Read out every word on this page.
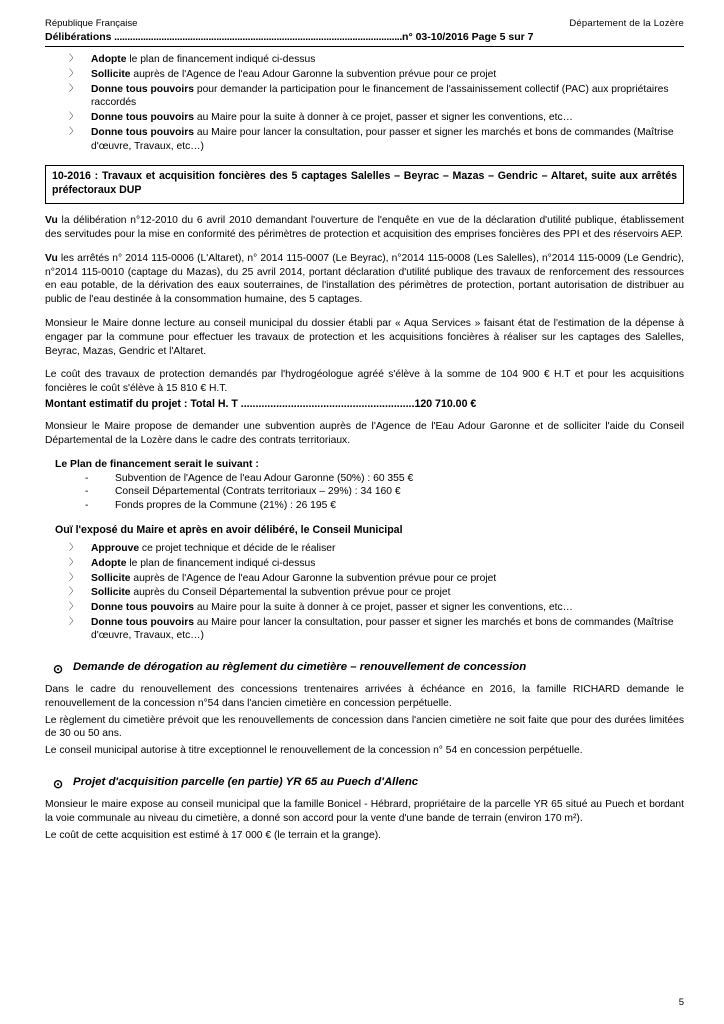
République Française	Département de la Lozère
Délibérations ..............................................................................................................n° 03-10/2016 Page 5 sur 7
〉 Adopte le plan de financement indiqué ci-dessus
〉 Sollicite auprès de l'Agence de l'eau Adour Garonne la subvention prévue pour ce projet
〉 Donne tous pouvoirs pour demander la participation pour le financement de l'assainissement collectif (PAC) aux propriétaires raccordés
〉 Donne tous pouvoirs au Maire pour la suite à donner à ce projet, passer et signer les conventions, etc…
〉 Donne tous pouvoirs au Maire pour lancer la consultation, pour passer et signer les marchés et bons de commandes (Maîtrise d'œuvre, Travaux, etc…)
10-2016 : Travaux et acquisition foncières des 5 captages Salelles – Beyrac – Mazas – Gendric – Altaret, suite aux arrêtés préfectoraux DUP

Vu la délibération n°12-2010 du 6 avril 2010 demandant l'ouverture de l'enquête en vue de la déclaration d'utilité publique, établissement des servitudes pour la mise en conformité des périmètres de protection et acquisition des emprises foncières des PPI et des réservoirs AEP.

Vu les arrêtés n° 2014 115-0006 (L'Altaret), n° 2014 115-0007 (Le Beyrac), n°2014 115-0008 (Les Salelles), n°2014 115-0009 (Le Gendric), n°2014 115-0010 (captage du Mazas), du 25 avril 2014, portant déclaration d'utilité publique des travaux de renforcement des ressources en eau potable, de la dérivation des eaux souterraines, de l'installation des périmètres de protection, portant autorisation de distribuer au public de l'eau destinée à la consommation humaine, des 5 captages.

Monsieur le Maire donne lecture au conseil municipal du dossier établi par « Aqua Services » faisant état de l'estimation de la dépense à engager par la commune pour effectuer les travaux de protection et les acquisitions foncières à réaliser sur les captages des Salelles, Beyrac, Mazas, Gendric et l'Altaret.

Le coût des travaux de protection demandés par l'hydrogéologue agréé s'élève à la somme de 104 900 € H.T et pour les acquisitions foncières le coût s'élève à 15 810 € H.T.

Montant estimatif du projet : Total H. T ...........................................................120 710.00 €

Monsieur le Maire propose de demander une subvention auprès de l'Agence de l'Eau Adour Garonne et de solliciter l'aide du Conseil Départemental de la Lozère dans le cadre des contrats territoriaux.

Le Plan de financement serait le suivant :
- Subvention de l'Agence de l'eau Adour Garonne (50%) : 60 355 €
- Conseil Départemental (Contrats territoriaux – 29%) : 34 160 €
- Fonds propres de la Commune (21%) : 26 195 €
Ouï l'exposé du Maire et après en avoir délibéré, le Conseil Municipal
〉 Approuve ce projet technique et décide de le réaliser
〉 Adopte le plan de financement indiqué ci-dessus
〉 Sollicite auprès de l'Agence de l'eau Adour Garonne la subvention prévue pour ce projet
〉 Sollicite auprès du Conseil Départemental la subvention prévue pour ce projet
〉 Donne tous pouvoirs au Maire pour la suite à donner à ce projet, passer et signer les conventions, etc…
〉 Donne tous pouvoirs au Maire pour lancer la consultation, pour passer et signer les marchés et bons de commandes (Maîtrise d'œuvre, Travaux, etc…)
⊙ Demande de dérogation au règlement du cimetière – renouvellement de concession

Dans le cadre du renouvellement des concessions trentenaires arrivées à échéance en 2016, la famille RICHARD demande le renouvellement de la concession n°54 dans l'ancien cimetière en concession perpétuelle.

Le règlement du cimetière prévoit que les renouvellements de concession dans l'ancien cimetière ne soit faite que pour des durées limitées de 30 ou 50 ans.

Le conseil municipal autorise à titre exceptionnel le renouvellement de la concession n° 54 en concession perpétuelle.

⊙ Projet d'acquisition parcelle (en partie) YR 65 au Puech d'Allenc

Monsieur le maire expose au conseil municipal que la famille Bonicel - Hébrard, propriétaire de la parcelle YR 65 situé au Puech et bordant la voie communale au niveau du cimetière, a donné son accord pour la vente d'une bande de terrain (environ 170 m²).

Le coût de cette acquisition est estimé à 17 000 € (le terrain et la grange).

5
